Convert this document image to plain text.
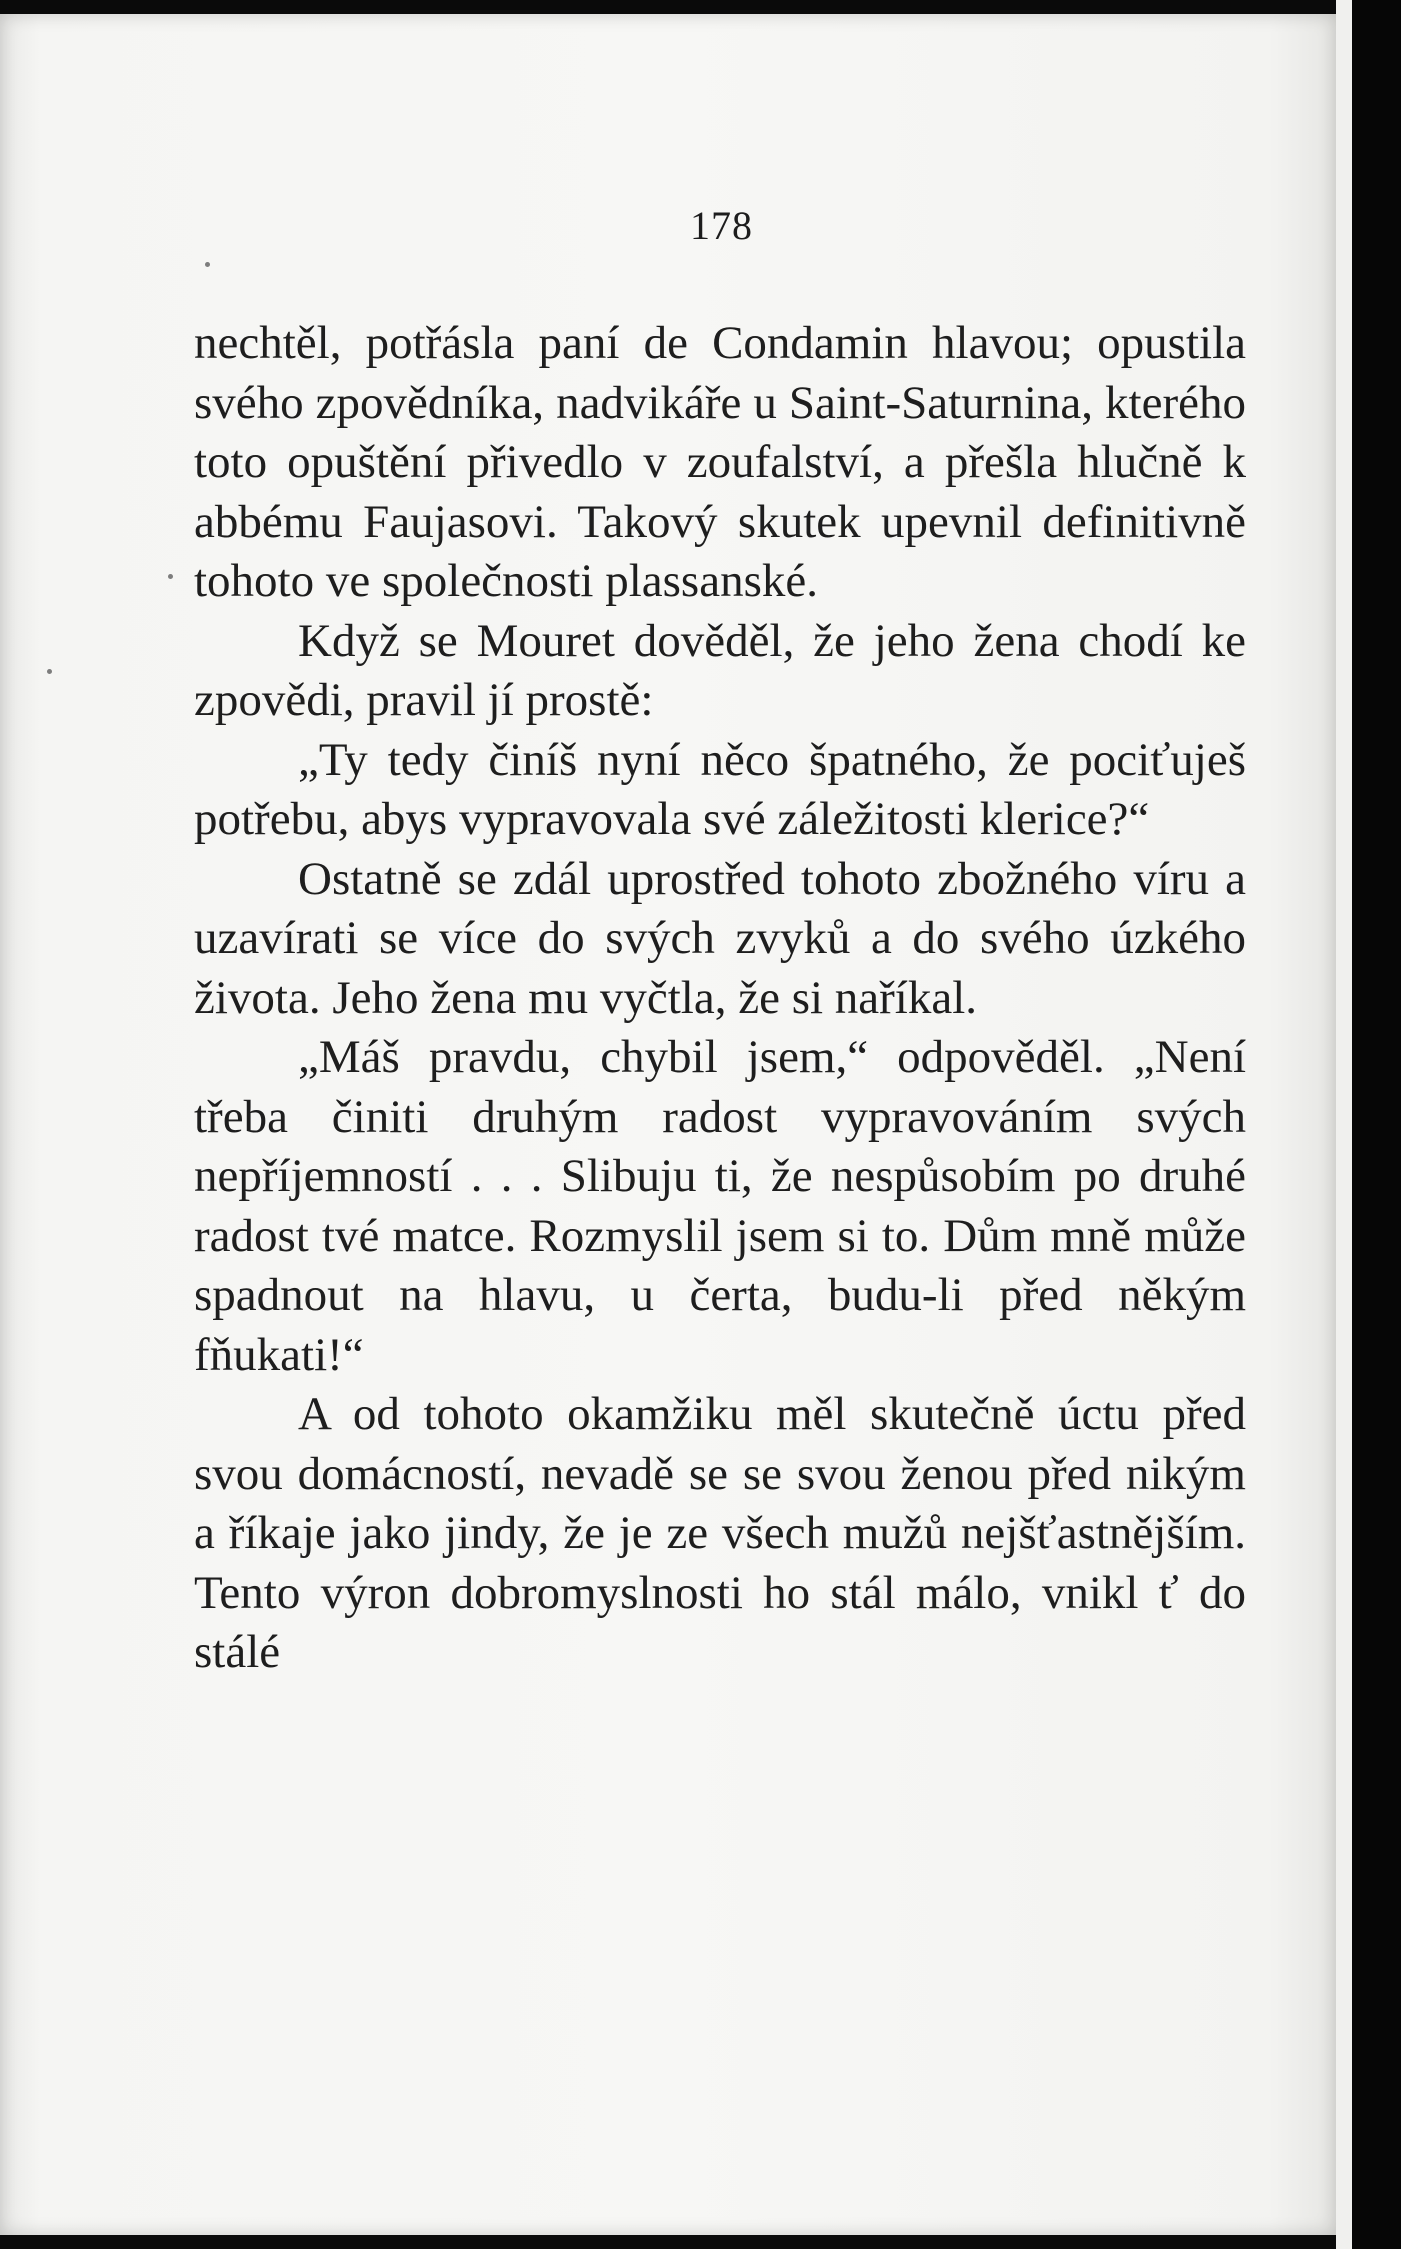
178

nechtěl, potřásla paní de Condamin hlavou; opustila svého zpovědníka, nadvikáře u Saint-Saturnina, kterého toto opuštění přivedlo v zoufalství, a přešla hlučně k abbému Faujasovi. Takový skutek upevnil definitivně tohoto ve společnosti plassanské.

Když se Mouret dověděl, že jeho žena chodí ke zpovědi, pravil jí prostě:

„Ty tedy činíš nyní něco špatného, že pociťuješ potřebu, abys vypravovala své záležitosti klerice?“

Ostatně se zdál uprostřed tohoto zbožného víru a uzavírati se více do svých zvyků a do svého úzkého života. Jeho žena mu vyčtla, že si naříkal.

„Máš pravdu, chybil jsem,“ odpověděl. „Není třeba činiti druhým radost vypravováním svých nepříjemností . . . Slibuju ti, že nespůsobím po druhé radost tvé matce. Rozmyslil jsem si to. Dům mně může spadnout na hlavu, u čerta, budu-li před někým fňukati!“

A od tohoto okamžiku měl skutečně úctu před svou domácností, nevadě se se svou ženou před nikým a říkaje jako jindy, že je ze všech mužů nejšťastnějším. Tento výron dobromyslnosti ho stál málo, vnikl ť do stálé
